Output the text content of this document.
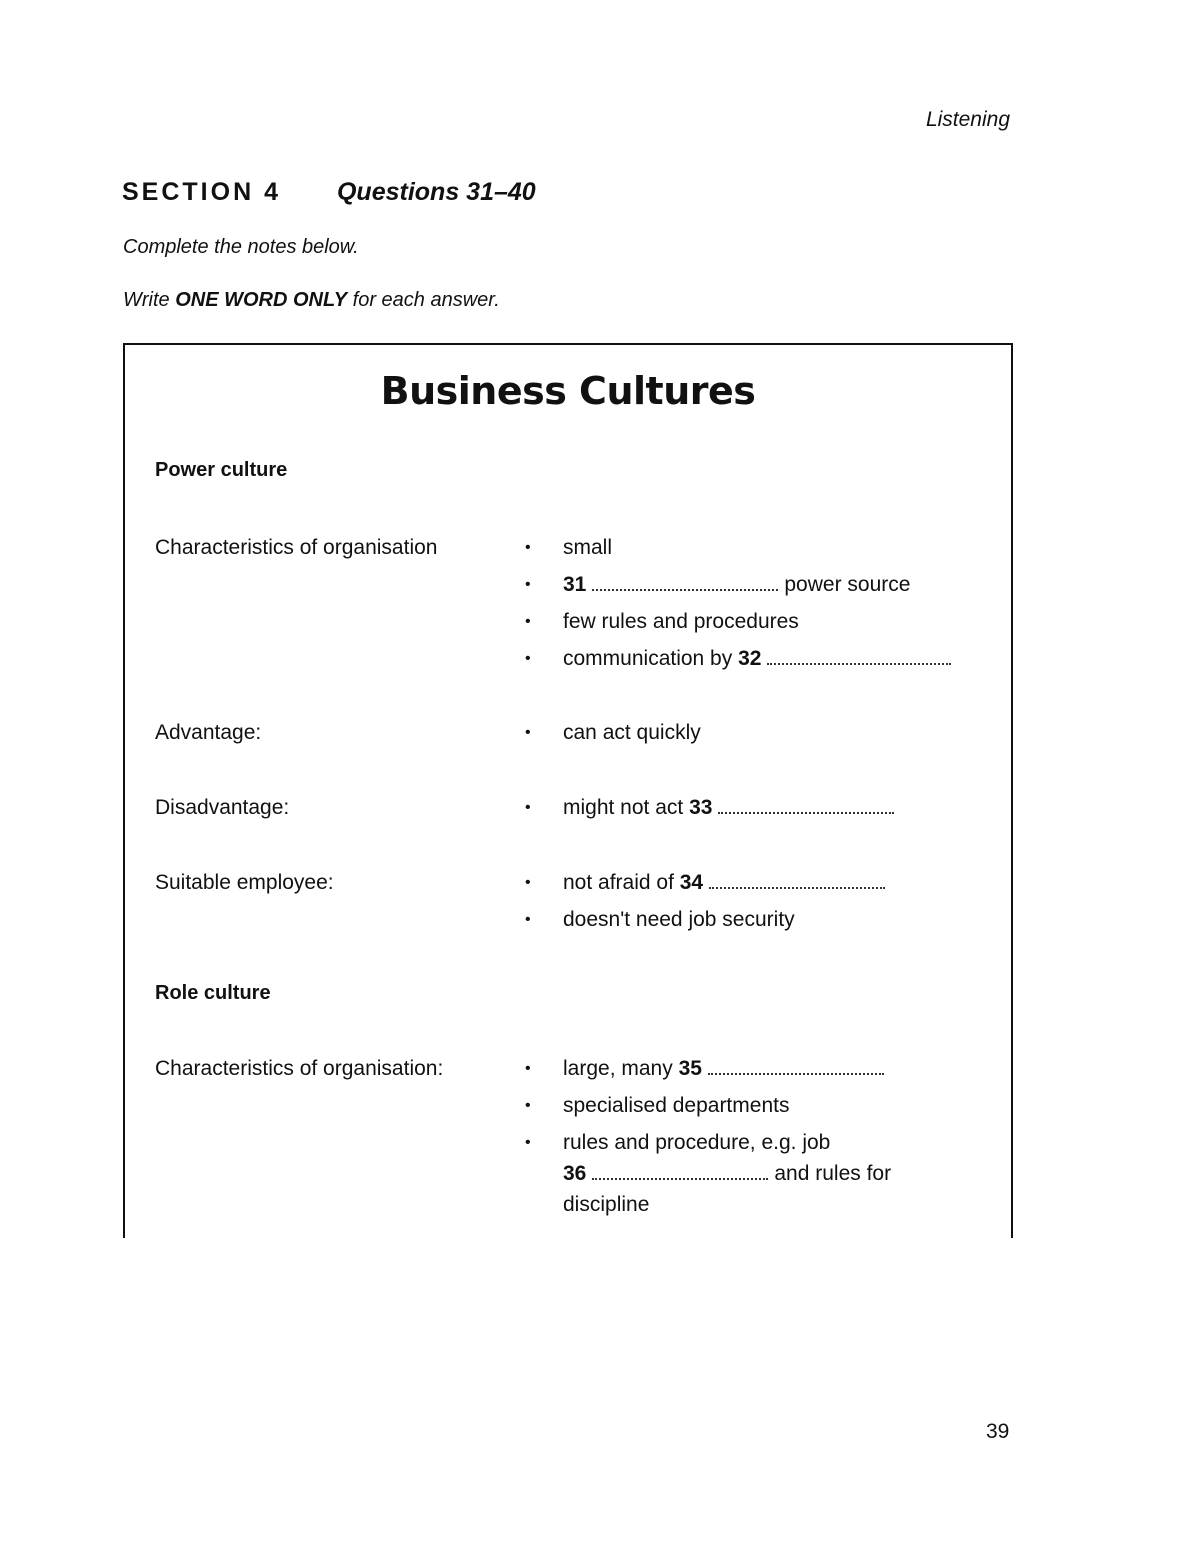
Listening
SECTION 4 Questions 31–40
Complete the notes below.
Write ONE WORD ONLY for each answer.
Business Cultures
Power culture
Characteristics of organisation	• small
• 31	power source
• few rules and procedures
• communication by 32
Advantage:	• can act quickly
Disadvantage:	• might not act 33
Suitable employee:	• not afraid of 34
• doesn't need job security
Role culture
Characteristics of organisation:	• large, many 35
• specialised departments
• rules and procedure, e.g. job
36	and rules for
discipline
39
